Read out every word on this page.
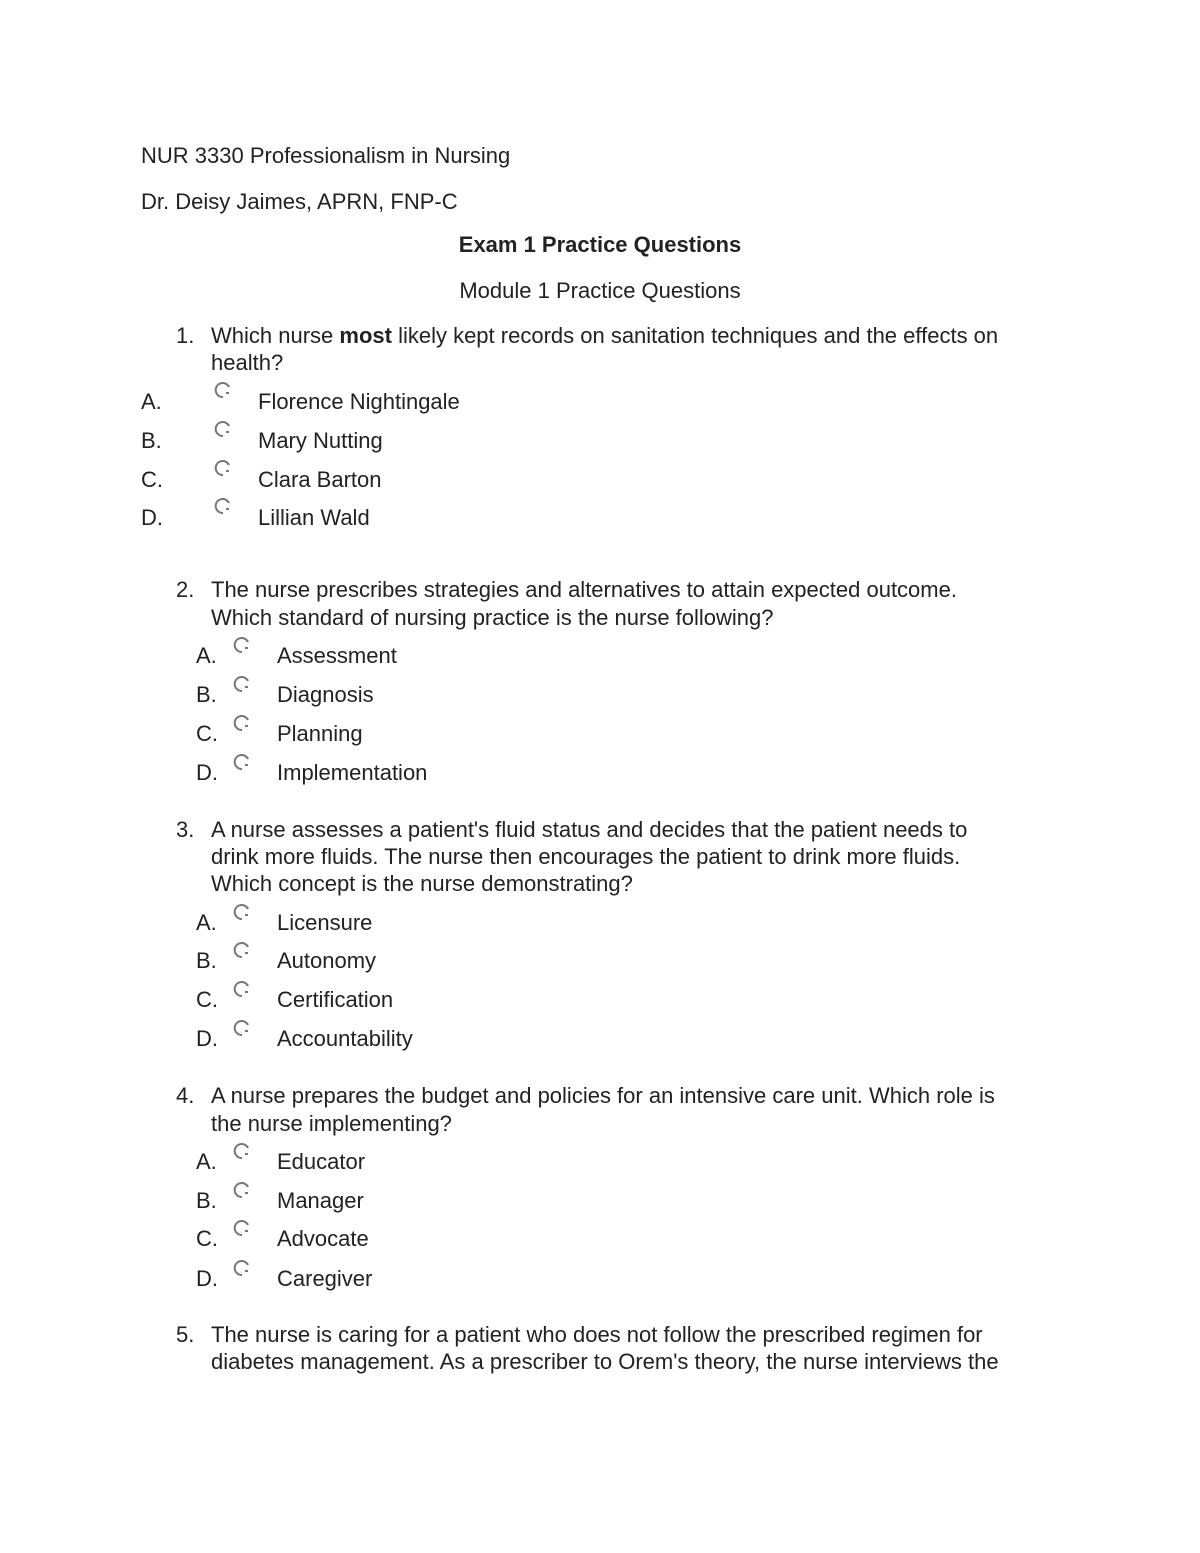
NUR 3330 Professionalism in Nursing
Dr. Deisy Jaimes, APRN, FNP-C
Exam 1 Practice Questions
Module 1 Practice Questions
1. Which nurse most likely kept records on sanitation techniques and the effects on
health?
A.	Florence Nightingale
B.	Mary Nutting
C.	Clara Barton
D.	Lillian Wald
2. The nurse prescribes strategies and alternatives to attain expected outcome.
Which standard of nursing practice is the nurse following?
A.	Assessment
B.	Diagnosis
C.	Planning
D.	Implementation
3. A nurse assesses a patient's fluid status and decides that the patient needs to
drink more fluids. The nurse then encourages the patient to drink more fluids.
Which concept is the nurse demonstrating?
A.	Licensure
B.	Autonomy
C.	Certification
D.	Accountability
4. A nurse prepares the budget and policies for an intensive care unit. Which role is
the nurse implementing?
A.	Educator
B.	Manager
C.	Advocate
D.	Caregiver
5. The nurse is caring for a patient who does not follow the prescribed regimen for
diabetes management. As a prescriber to Orem's theory, the nurse interviews the
